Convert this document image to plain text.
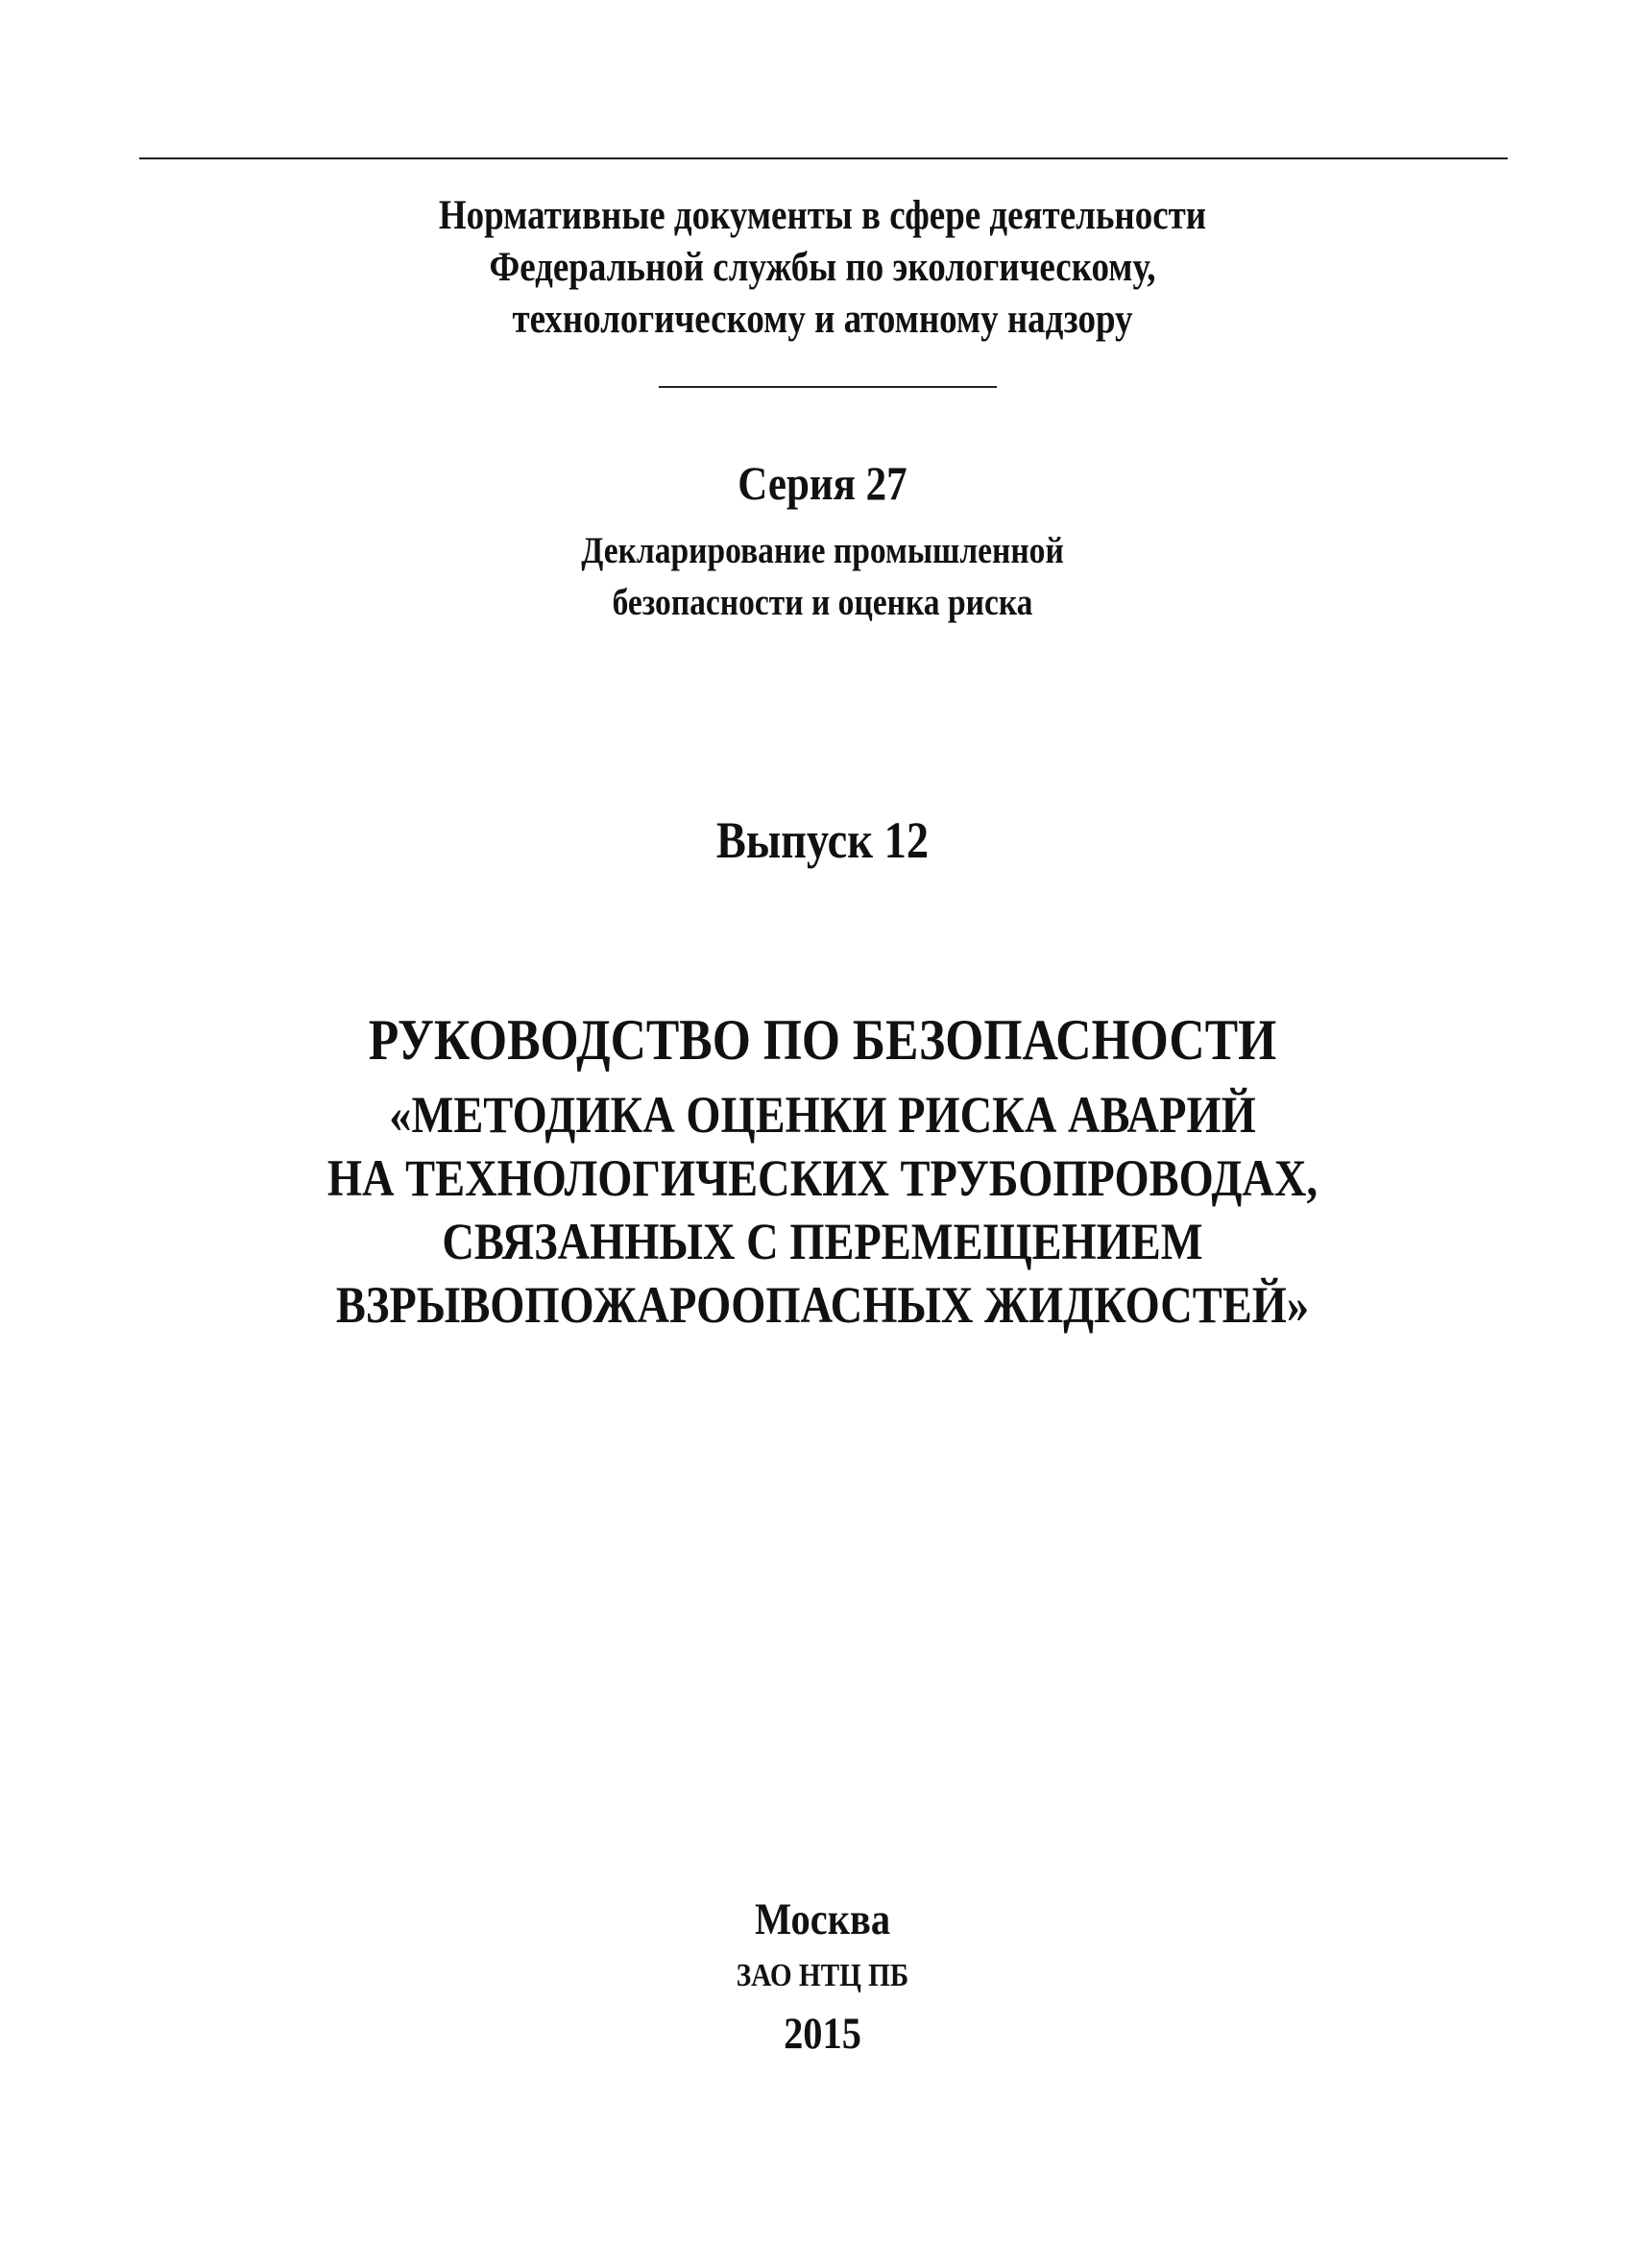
Нормативные документы в сфере деятельности
Федеральной службы по экологическому,
технологическому и атомному надзору
Серия 27
Декларирование промышленной
безопасности и оценка риска
Выпуск 12
РУКОВОДСТВО ПО БЕЗОПАСНОСТИ
«МЕТОДИКА ОЦЕНКИ РИСКА АВАРИЙ
НА ТЕХНОЛОГИЧЕСКИХ ТРУБОПРОВОДАХ,
СВЯЗАННЫХ С ПЕРЕМЕЩЕНИЕМ
ВЗРЫВОПОЖАРООПАСНЫХ ЖИДКОСТЕЙ»
Москва
ЗАО НТЦ ПБ
2015
